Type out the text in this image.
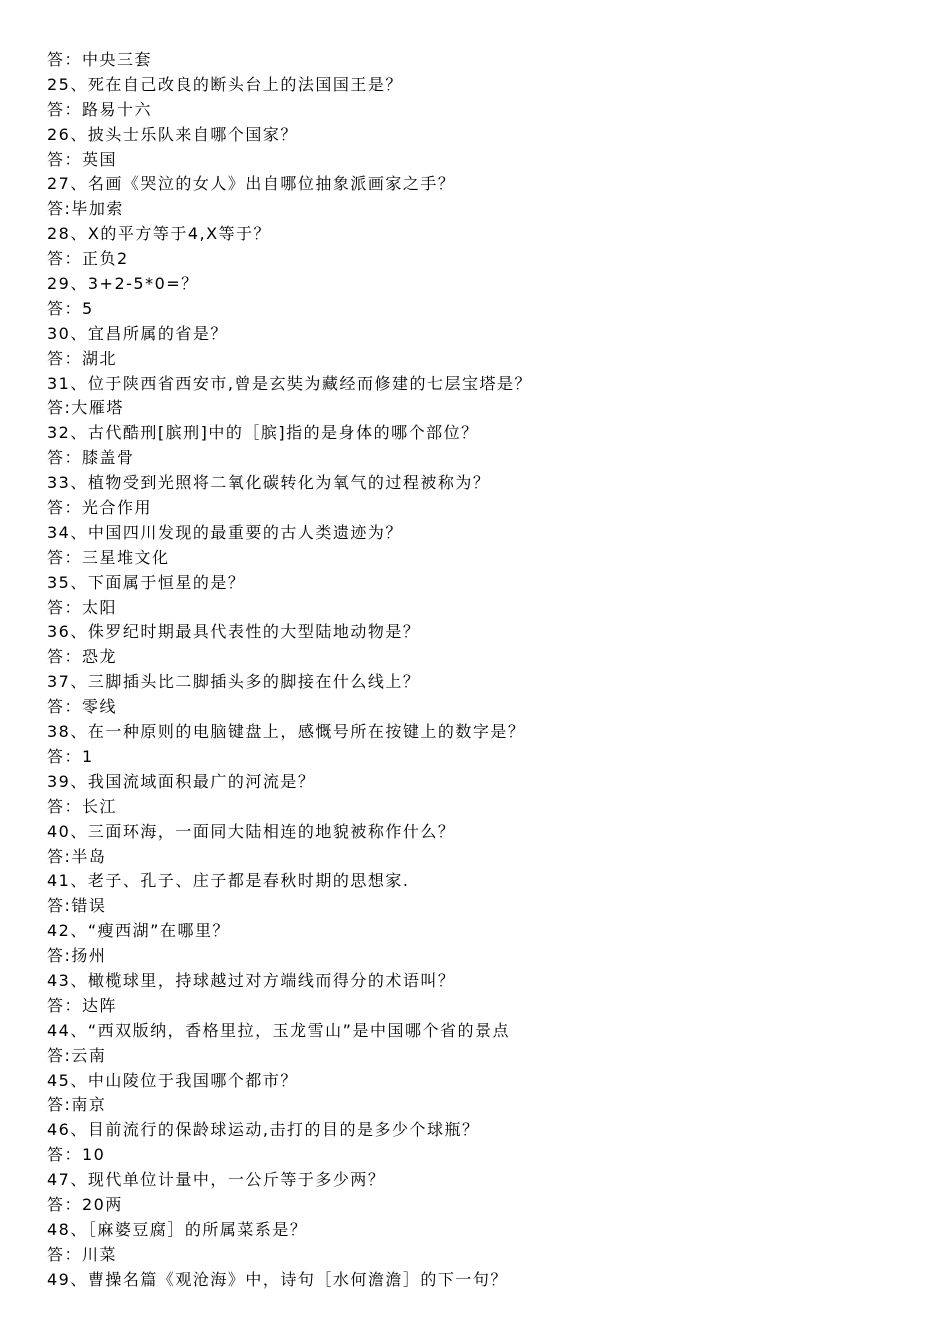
答：中央三套
25、死在自己改良的断头台上的法国国王是？
答：路易十六
26、披头士乐队来自哪个国家？
答：英国
27、名画《哭泣的女人》出自哪位抽象派画家之手？
答:毕加索
28、X的平方等于4,X等于？
答：正负2
29、3+2-5*0=？
答：5
30、宜昌所属的省是？
答：湖北
31、位于陕西省西安市,曾是玄奘为藏经而修建的七层宝塔是？
答:大雁塔
32、古代酷刑[膑刑]中的［膑]指的是身体的哪个部位？
答：膝盖骨
33、植物受到光照将二氧化碳转化为氧气的过程被称为？
答：光合作用
34、中国四川发现的最重要的古人类遗迹为？
答：三星堆文化
35、下面属于恒星的是？
答：太阳
36、侏罗纪时期最具代表性的大型陆地动物是？
答：恐龙
37、三脚插头比二脚插头多的脚接在什么线上？
答：零线
38、在一种原则的电脑键盘上，感慨号所在按键上的数字是？
答：1
39、我国流域面积最广的河流是？
答：长江
40、三面环海，一面同大陆相连的地貌被称作什么？
答:半岛
41、老子、孔子、庄子都是春秋时期的思想家.
答:错误
42、“瘦西湖”在哪里？
答:扬州
43、橄榄球里，持球越过对方端线而得分的术语叫？
答：达阵
44、“西双版纳，香格里拉，玉龙雪山”是中国哪个省的景点
答:云南
45、中山陵位于我国哪个都市？
答:南京
46、目前流行的保龄球运动,击打的目的是多少个球瓶？
答：10
47、现代单位计量中，一公斤等于多少两？
答：20两
48、［麻婆豆腐］的所属菜系是？
答：川菜
49、曹操名篇《观沧海》中，诗句［水何澹澹］的下一句？
